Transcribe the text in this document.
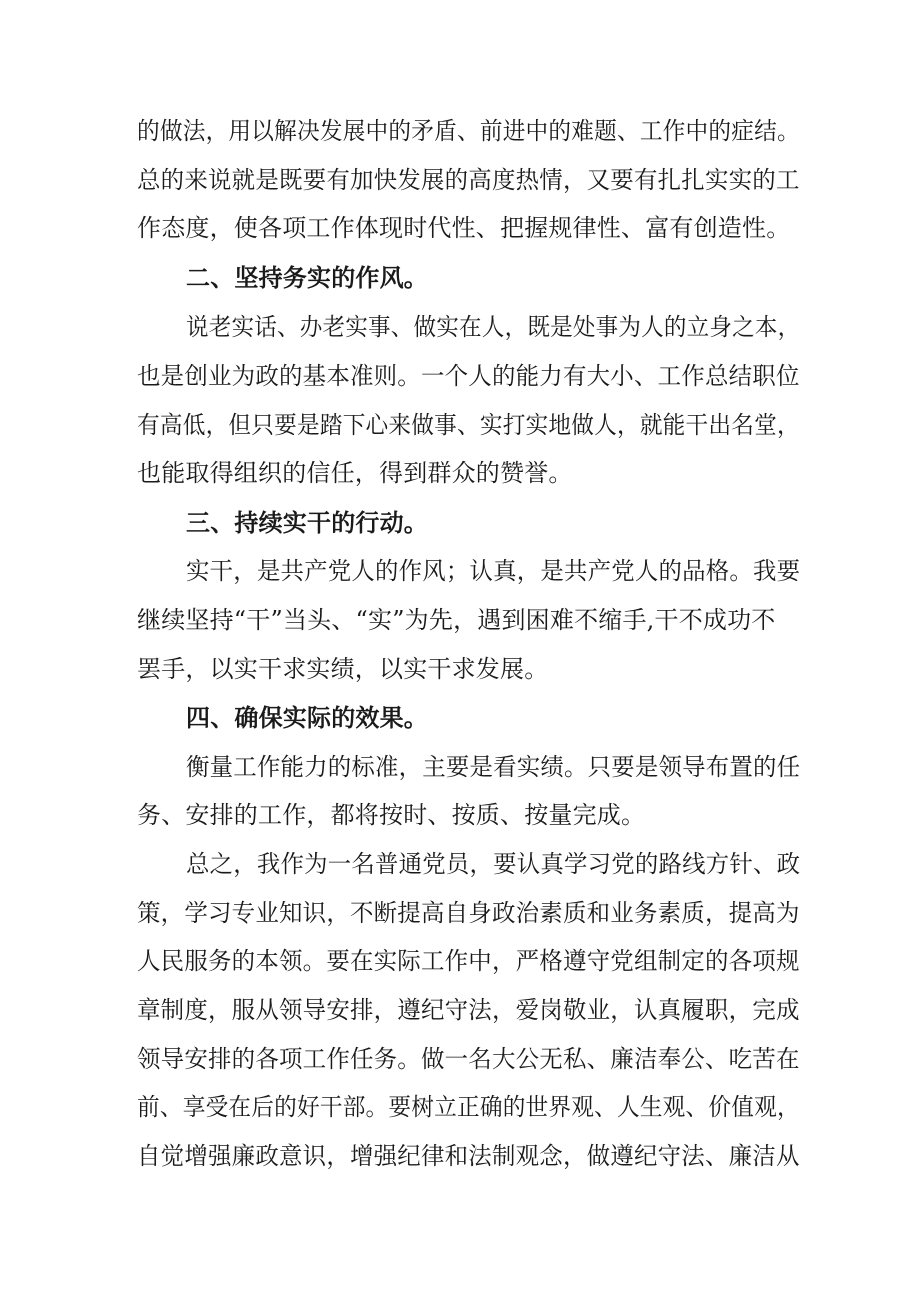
的做法，用以解决发展中的矛盾、前进中的难题、工作中的症结。
总的来说就是既要有加快发展的高度热情，又要有扎扎实实的工
作态度，使各项工作体现时代性、把握规律性、富有创造性。
二、坚持务实的作风。
说老实话、办老实事、做实在人，既是处事为人的立身之本，
也是创业为政的基本准则。一个人的能力有大小、工作总结职位
有高低，但只要是踏下心来做事、实打实地做人，就能干出名堂，
也能取得组织的信任，得到群众的赞誉。
三、持续实干的行动。
实干，是共产党人的作风；认真，是共产党人的品格。我要
继续坚持“干”当头、“实”为先，遇到困难不缩手,干不成功不
罢手，以实干求实绩，以实干求发展。
四、确保实际的效果。
衡量工作能力的标准，主要是看实绩。只要是领导布置的任
务、安排的工作，都将按时、按质、按量完成。
总之，我作为一名普通党员，要认真学习党的路线方针、政
策，学习专业知识，不断提高自身政治素质和业务素质，提高为
人民服务的本领。要在实际工作中，严格遵守党组制定的各项规
章制度，服从领导安排，遵纪守法，爱岗敬业，认真履职，完成
领导安排的各项工作任务。做一名大公无私、廉洁奉公、吃苦在
前、享受在后的好干部。要树立正确的世界观、人生观、价值观，
自觉增强廉政意识，增强纪律和法制观念，做遵纪守法、廉洁从
